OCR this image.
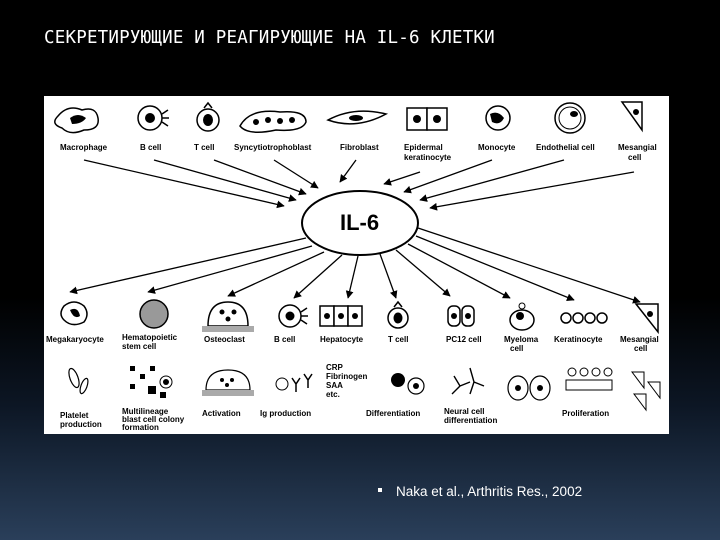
СЕКРЕТИРУЮЩИЕ И РЕАГИРУЮЩИЕ НА IL-6 КЛЕТКИ
Macrophage	B cell	T cell Syncytiotrophoblast	Fibroblast	Epidermal keratinocyte
Monocyte	Endothelial cell	Mesangial cell
IL-6
Megakaryocyte Hematopoietic stem cell
Osteoclast	B cell	Hepatocyte	T cell	PC12 cell	Myeloma cell
Keratinocyte Mesangial cell
Platelet production
Multilineage blast cell colony formation
Activation Ig production
CRP Fibrinogen SAA etc.
Differentiation	Neural cell differentiation
Proliferation
Naka et al., Arthritis Res., 2002
